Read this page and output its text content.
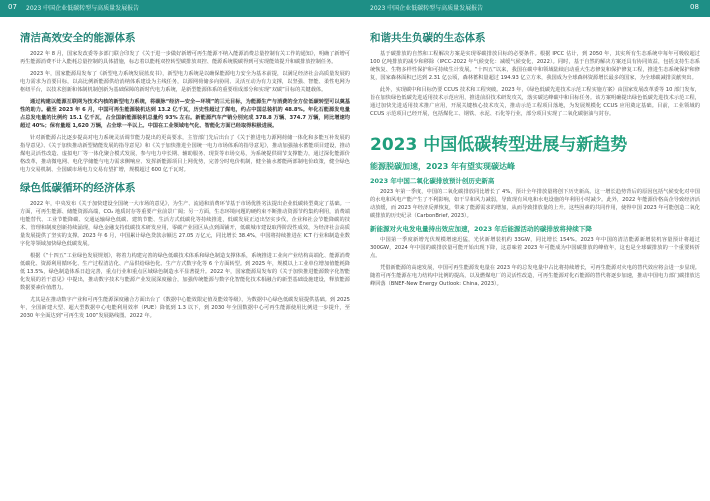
07 2023 中国企业低碳转型与高质量发展报告	2023 中国企业低碳转型与高质量发展报告	08
清洁高效安全的能源体系

2022 年 8 月，国家发改委等多部门联合印发了《关于进一步做好新增可再生能源不纳入能源消费总量控制有关工作的通知》，明确了新增可再生能源消费不计入能耗总量控制的具体措施，标志着以能耗双控转型碳排放双控、能源系统脱碳得到可实现能效提升和碳排放控制任务。

2023 年，国家能源局发布了《新型电力系统发展蓝皮书》，新型电力系统是以确保能源电力安全为基本前提，以满足经济社会高质量发展的电力需求为首要目标，以高比例新能源供给消纳体系建设为主线任务，以源网荷储多向协同、灵活互动为有力支撑，以坚强、智能、柔性电网为枢纽平台，以技术创新和体制机制创新为基础保障的新时代电力系统，是新型能源体系的重要组成部分和实现“双碳”目标的关键载体。

通过构建以能源互联网为技术内核的新型电力系统，将碳脉“经济—安全—环境”的三元目标，为能源生产与消费的全方位低碳转型可以奠基性的助力。截至 2023 年 6 月，中国可再生能源装机达到 13.2 亿千瓦，历史性超过了煤电，约占中国总装机的 48.8%。年化石能源发电量占总发电量的比例约 15.1 亿千瓦，占全国新能源装机总量约 93% 左右。新能源汽车产销分别完成 378.8 万辆、374.7 万辆，同比增速均超过 40%；保有量超 1,620 万辆，占全球一半以上。中国在工业领域电气化、智能化方面已经取得积极进展。

针对新能源占比逐步提高对电力系统灵活调节能力提出的更高要求，主管部门先后出台了《关于推进电力源网荷储一体化和多能互补发展的指导意见》、《关于加快推动新型储能发展的指导意见》和《关于加快推进全国统一电力市场体系的指导意见》，推动加强抽水蓄能项目建设，推动煤电灵活性改造、虚拟电厂等一体化聚合模式发展，参与电力中长期、辅助服务、现货等市场交易，为系统提供调节支撑能力，通过深化能源价格改革，推动微电网、电化学储能与电力需求侧响应、发挥新能源项目上网优势，完善分时电价机制，健全抽水蓄能两部制电价政策，健全绿色电力交易机制、全国碳市场电力交易有望扩增，规模超过 600 亿千瓦时。

绿色低碳循环的经济体系

2022 年，中央发布《关于加快建设全国统一大市场的意见》，为生产、流通和消费环节基于市场优胜劣汰提出企业低碳转型奠定了基础。一方面，可再生能源、储能资源高端，CO₂ 地质封存等重要产业前景广阔；另一方面，生态环境问题的硬约束不断推动资源节约集约利用，消费端电能替代、工业节能降碳、交通运输绿色低碳、建筑节能、生活方式低碳化等持续推进，低碳发展正迈出坚实步伐，企业和社会节能降碳的技术、管理和制度创新持续涌现，绿色金融支持低碳技术研发应用，零碳产业园区从点到面铺开，低碳城市建设取得阶段性成效，为经济社会高质量发展提供了坚实的支撑。2023 年 6 月，中国累计绿色贷款余额达 27.05 万亿元，同比增长 38.4%，中国将持续推进在 ICT 行业和制造业数字化等领域加快绿色低碳发展。

根据《“十四五”工业绿色发展规划》，将着力构建完善的绿色低碳技术体系和绿色制造支撑体系，系统推进工业向产业结构高端化、能源消费低碳化、资源利用循环化、生产过程清洁化、产品供给绿色化、生产方式数字化等 6 个方面转型。到 2025 年，规模以上工业单位增加值能耗降低 13.5%，绿色制造体系日趋完善，重点行业和重点区域绿色制造水平显著提升。2022 年，国家能源局发布的《关于加快推进能源数字化智能化发展的若干意见》中提出，推动数字技术与能源产业发展深度融合，加强传统能源与数字化智能化技术相融合的新型基础设施建设，释放能源数据要素价值潜力。

尤其是在推动数字产业和可再生能源深度融合方面出台了《数据中心能效限定值及能效等级》，为数据中心绿色低碳发展提供基础。到 2025 年，全国新建大型、超大型数据中心电能利用效率（PUE）降低到 1.3 以下，到 2030 年全国数据中心可再生能源使用比例进一步提升，至 2030 年全面达到“可再生发 100”发展路线图。2022 年。

和谐共生负碳的生态体系

基于碳排放的自然和工程解决方案是实现零碳排放目标的必要条件。根据 IPCC 估计，到 2050 年，其实所有生态系统中每年可吸收超过 100 亿吨排放的减少和移除（IPCC-2022 年气候变化：减缓气候变化，2022）。同时，基于自然的解决方案还具有协同效益，包括支持生态系统恢复、生物多样性保护和可持续生计发展。“十四五”以来，我国在碳中和领域陆续启动重大生态修复和保护修复工程，推进生态系统保护和修复，国家森林面积已达到 2.31 亿公顷，森林蓄积量超过 194.93 亿立方米，我国成为全球森林资源增长最多的国家，为全球碳减排贡献突出。

此外，实现碳中和目标仍要 CCUS 技术和工程突破。2023 年，《绿色低碳先进技术示范工程实施方案》由国家发展改革委等 10 部门发布，旨在加快绿色低碳先进适用技术示范应用，推进前沿技术研发攻关，落实碳达峰碳中和目标任务。该方案明确提出绿色低碳先进技术示范工程，通过加快先进适用技术推广应用，开展关键核心技术攻关，推动示范工程项目落地，为发展规模化 CCUS 应用奠定基础。目前，工业领域的 CCUS 示范项目已经开展，包括煤化工、钢铁、水泥、石化等行业，部分项目实现了二氧化碳驱油与封存。

2023 中国低碳转型进展与新趋势
能源脱碳加速，2023 年有望实现碳达峰
2023 年中国二氧化碳排放预计创历史新高

2023 年第一季度，中国的二氧化碳排放同比增长了 4%，预计全年排放量将创下历史新高。这一增长趋势背后的原因包括气候变化对中国的水电和风电产能产生了不利影响，如干旱和风力减弱，导致现有风电和水电设施的年利用小时减少。此外，2022 年能源价格高企导致经济活动放缓，而 2023 年经济反弹恢复，带来了能源需求的增加，从而导致排放量的上升。这些因素的共同作用，使得中国 2023 年可能创造二氧化碳排放的历史纪录（CarbonBrief, 2023）。

新能源对火电发电量持出效应加速，2023 年后能源活动的碳排放将持续下降

中国第一季度新增光伏规模增速迅猛，光伏新增装机约 33GW，同比增长 154%。2023 年中国的清洁能源新增装机容量预计将超过 300GW，2024 年中国的碳排放量可能开始出现下降，这意味着 2023 年可能成为中国碳排放的峰值年，这也是全球碳排放的一个重要转折点。

凭借新能源的高速发展，中国可再生能源发电量在 2023 年的总发电量中占比将持续增长，可再生能源对火电的替代效应将会进一步显现。随着可再生能源在电力结构中比例的提高，以及燃煤电厂的灵活性改造，可再生能源对化石能源的替代将逐步加速，推动中国电力部门碳排放达峰回落（BNEF-New Energy Outlook: China, 2023）。
